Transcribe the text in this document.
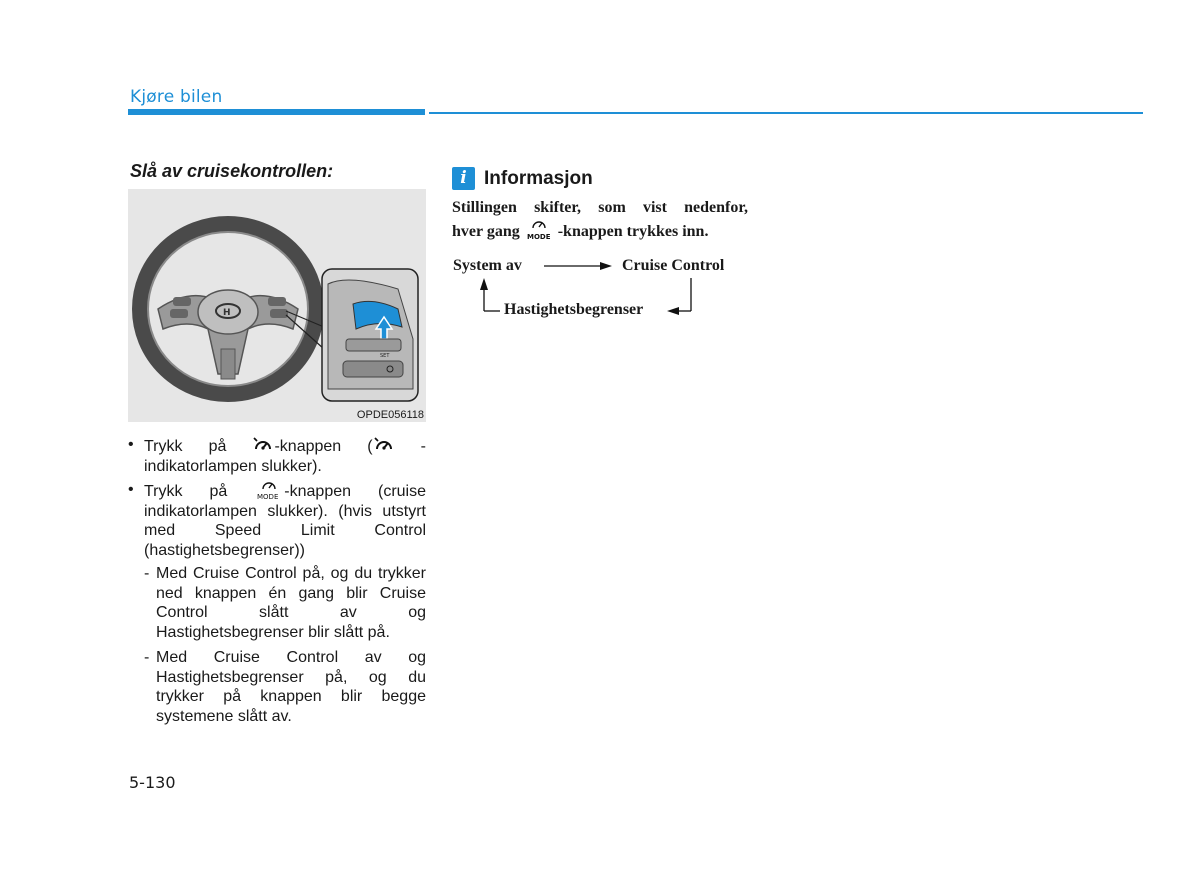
Kjøre bilen
Slå av cruisekontrollen:
H
SET
OPDE056118
• Trykk på	-knappen ( - indikatorlampen slukker).
• Trykk på	MODE -knappen (cruise indikatorlampen slukker). (hvis utstyrt med Speed Limit Control (hastighetsbegrenser))
- Med Cruise Control på, og du trykker ned knappen én gang blir Cruise Control slått av og Hastighetsbegrenser blir slått på.
- Med Cruise Control av og Hastighetsbegrenser på, og du trykker på knappen blir begge systemene slått av.
5-130
i Informasjon
Stillingen skifter, som vist nedenfor,
hver gang MODE -knappen trykkes inn.
System av	Cruise Control
Hastighetsbegrenser
